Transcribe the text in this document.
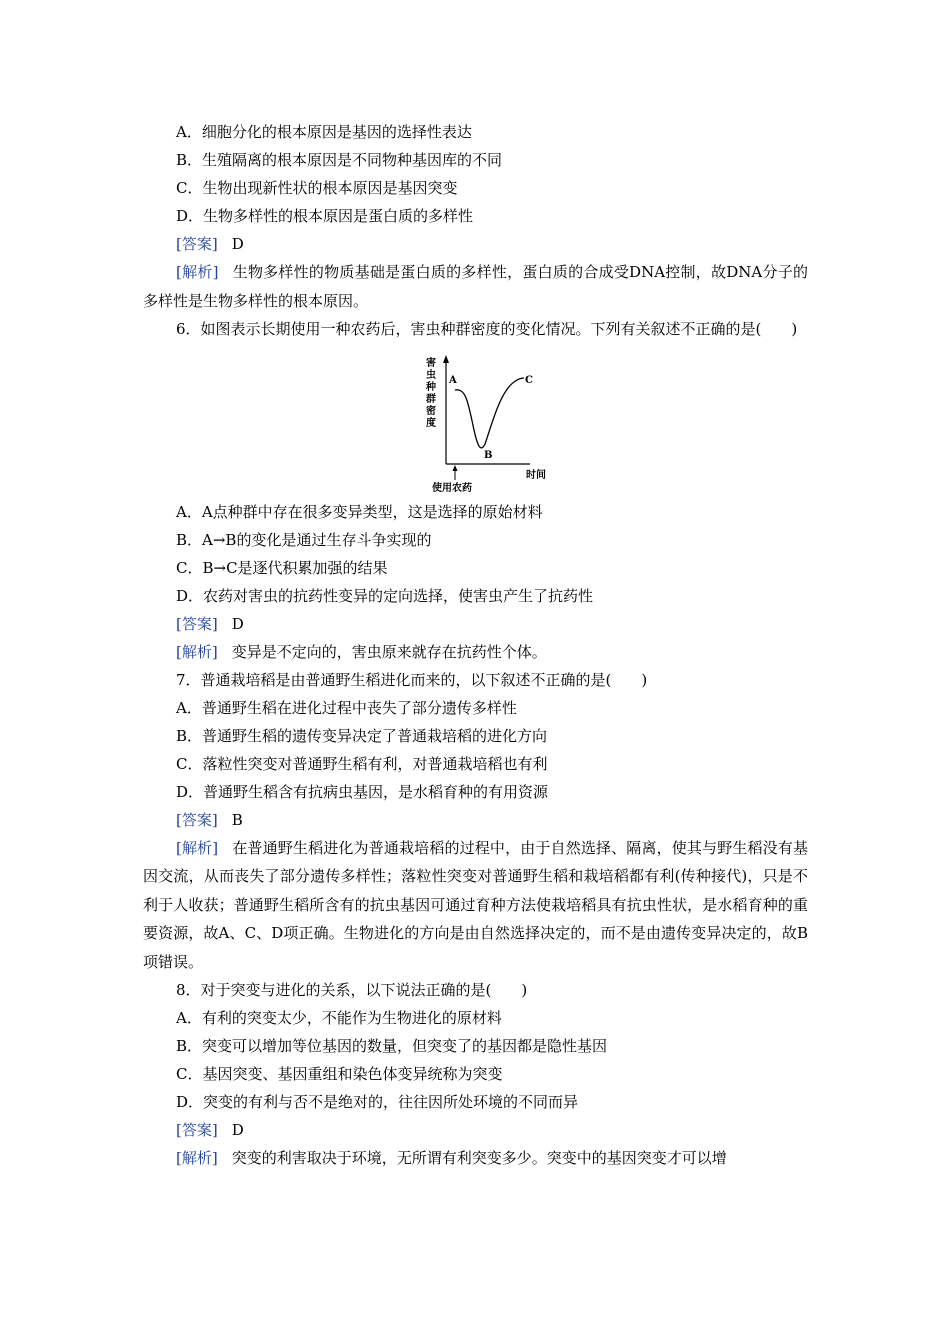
A．细胞分化的根本原因是基因的选择性表达
B．生殖隔离的根本原因是不同物种基因库的不同
C．生物出现新性状的根本原因是基因突变
D．生物多样性的根本原因是蛋白质的多样性
[答案] D
[解析] 生物多样性的物质基础是蛋白质的多样性，蛋白质的合成受DNA控制，故DNA分子的多样性是生物多样性的根本原因。
6．如图表示长期使用一种农药后，害虫种群密度的变化情况。下列有关叙述不正确的是(　　)
害虫种群密度
A
B
C
时间
使用农药
A．A点种群中存在很多变异类型，这是选择的原始材料
B．A→B的变化是通过生存斗争实现的
C．B→C是逐代积累加强的结果
D．农药对害虫的抗药性变异的定向选择，使害虫产生了抗药性
[答案] D
[解析] 变异是不定向的，害虫原来就存在抗药性个体。
7．普通栽培稻是由普通野生稻进化而来的，以下叙述不正确的是(　　)
A．普通野生稻在进化过程中丧失了部分遗传多样性
B．普通野生稻的遗传变异决定了普通栽培稻的进化方向
C．落粒性突变对普通野生稻有利，对普通栽培稻也有利
D．普通野生稻含有抗病虫基因，是水稻育种的有用资源
[答案] B
[解析] 在普通野生稻进化为普通栽培稻的过程中，由于自然选择、隔离，使其与野生稻没有基因交流，从而丧失了部分遗传多样性；落粒性突变对普通野生稻和栽培稻都有利(传种接代)，只是不利于人收获；普通野生稻所含有的抗虫基因可通过育种方法使栽培稻具有抗虫性状，是水稻育种的重要资源，故A、C、D项正确。生物进化的方向是由自然选择决定的，而不是由遗传变异决定的，故B项错误。
8．对于突变与进化的关系，以下说法正确的是(　　)
A．有利的突变太少，不能作为生物进化的原材料
B．突变可以增加等位基因的数量，但突变了的基因都是隐性基因
C．基因突变、基因重组和染色体变异统称为突变
D．突变的有利与否不是绝对的，往往因所处环境的不同而异
[答案] D
[解析] 突变的利害取决于环境，无所谓有利突变多少。突变中的基因突变才可以增
